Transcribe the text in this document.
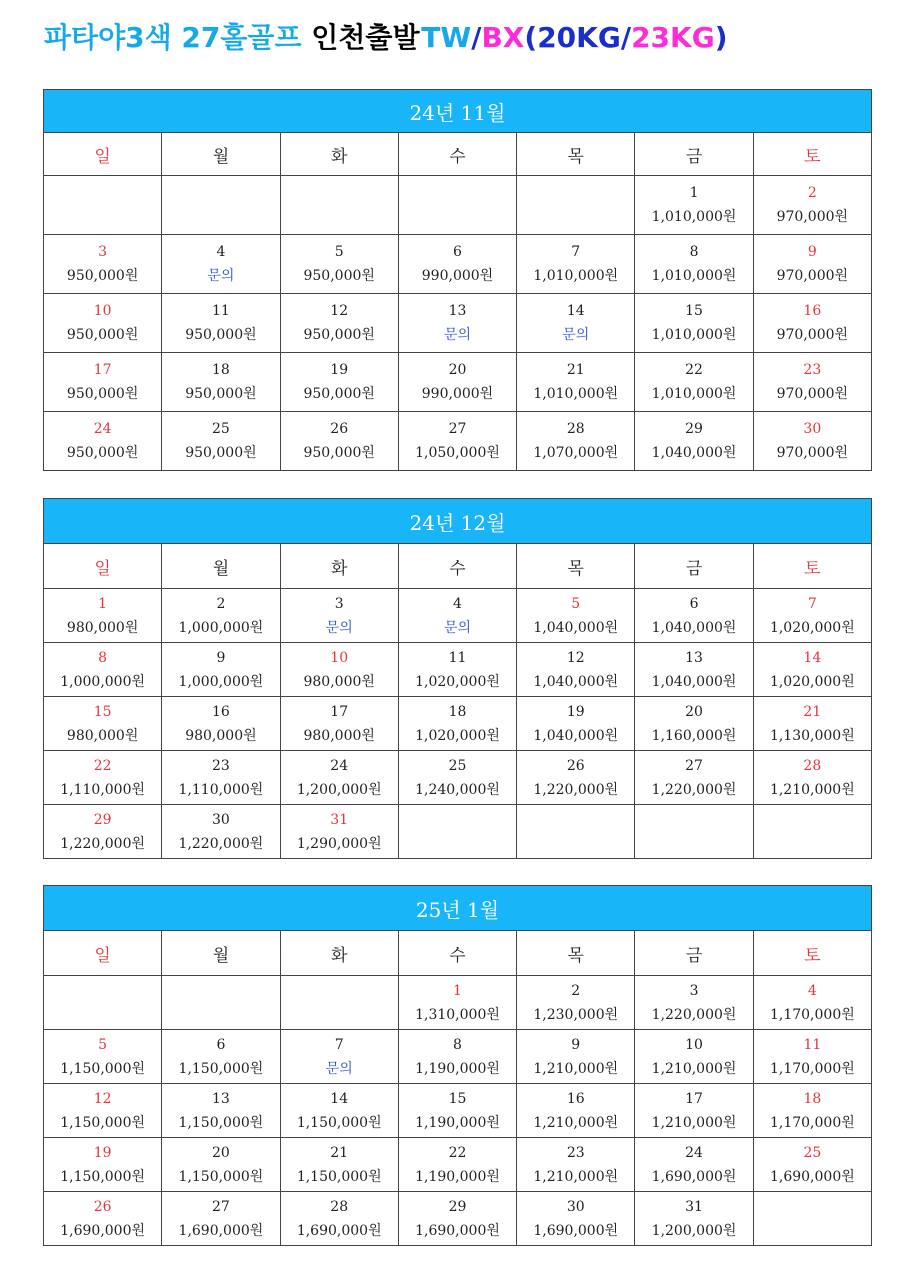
파타야3색 27홀골프 인천출발 TW/BX(20KG/23KG)
24년 11월						
일	월	화	수	목	금	토

					1
1,010,000원	2
970,000원

3
950,000원	4
문의	5
950,000원	6
990,000원	7
1,010,000원	8
1,010,000원	9
970,000원

10
950,000원	11
950,000원	12
950,000원	13
문의	14
문의	15
1,010,000원	16
970,000원

17
950,000원	18
950,000원	19
950,000원	20
990,000원	21
1,010,000원	22
1,010,000원	23
970,000원

24
950,000원	25
950,000원	26
950,000원	27
1,050,000원	28
1,070,000원	29
1,040,000원	30
970,000원
24년 12월						
일	월	화	수	목	금	토

1
980,000원	2
1,000,000원	3
문의	4
문의	5
1,040,000원	6
1,040,000원	7
1,020,000원

8
1,000,000원	9
1,000,000원	10
980,000원	11
1,020,000원	12
1,040,000원	13
1,040,000원	14
1,020,000원

15
980,000원	16
980,000원	17
980,000원	18
1,020,000원	19
1,040,000원	20
1,160,000원	21
1,130,000원

22
1,110,000원	23
1,110,000원	24
1,200,000원	25
1,240,000원	26
1,220,000원	27
1,220,000원	28
1,210,000원

29
1,220,000원	30
1,220,000원	31
1,290,000원				

25년 1월						
일	월	화	수	목	금	토

			1
1,310,000원	2
1,230,000원	3
1,220,000원	4
1,170,000원

5
1,150,000원	6
1,150,000원	7
문의	8
1,190,000원	9
1,210,000원	10
1,210,000원	11
1,170,000원

12
1,150,000원	13
1,150,000원	14
1,150,000원	15
1,190,000원	16
1,210,000원	17
1,210,000원	18
1,170,000원

19
1,150,000원	20
1,150,000원	21
1,150,000원	22
1,190,000원	23
1,210,000원	24
1,690,000원	25
1,690,000원

26
1,690,000원	27
1,690,000원	28
1,690,000원	29
1,690,000원	30
1,690,000원	31
1,200,000원	
